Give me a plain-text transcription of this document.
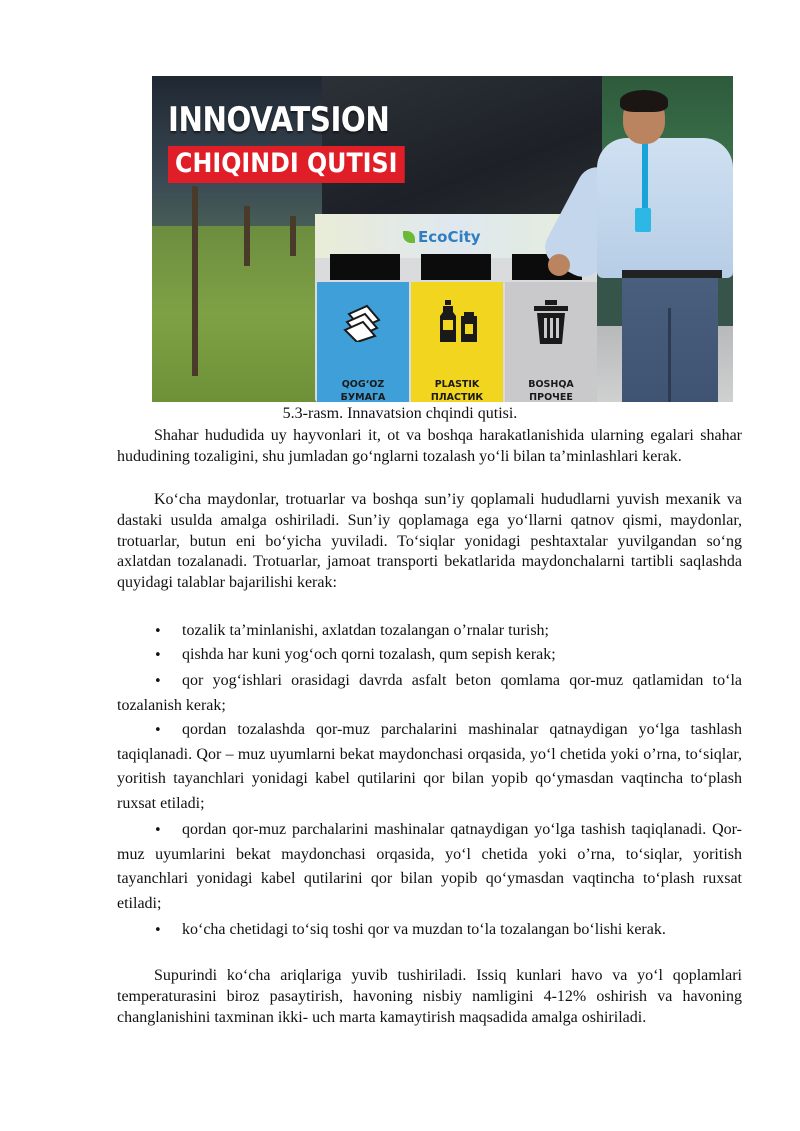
INNOVATSION
CHIQINDI QUTISI
EcoCity
QOG‘OZ
БУМАГА
PLASTIK
ПЛАСТИК
BOSHQA
ПРОЧЕЕ
5.3-rasm. Innavatsion chqindi qutisi.

Shahar hududida uy hayvonlari it, ot va boshqa harakatlanishida ularning egalari shahar hududining tozaligini, shu jumladan go‘nglarni tozalash yo‘li bilan ta’minlashlari kerak.

Ko‘cha maydonlar, trotuarlar va boshqa sun’iy qoplamali hududlarni yuvish mexanik va dastaki usulda amalga oshiriladi. Sun’iy qoplamaga ega yo‘llarni qatnov qismi, maydonlar, trotuarlar, butun eni bo‘yicha yuviladi. To‘siqlar yonidagi peshtaxtalar yuvilgandan so‘ng axlatdan tozalanadi. Trotuarlar, jamoat transporti bekatlarida maydonchalarni tartibli saqlashda quyidagi talablar bajarilishi kerak:

• tozalik ta’minlanishi, axlatdan tozalangan o’rnalar turish;

• qishda har kuni yog‘och qorni tozalash, qum sepish kerak;

• qor yog‘ishlari orasidagi davrda asfalt beton qomlama qor-muz qatlamidan to‘la tozalanish kerak;

• qordan tozalashda qor-muz parchalarini mashinalar qatnaydigan yo‘lga tashlash taqiqlanadi. Qor – muz uyumlarni bekat maydonchasi orqasida, yo‘l chetida yoki o’rna, to‘siqlar, yoritish tayanchlari yonidagi kabel qutilarini qor bilan yopib qo‘ymasdan vaqtincha to‘plash ruxsat etiladi;

• qordan qor-muz parchalarini mashinalar qatnaydigan yo‘lga tashish taqiqlanadi. Qor-muz uyumlarini bekat maydonchasi orqasida, yo‘l chetida yoki o’rna, to‘siqlar, yoritish tayanchlari yonidagi kabel qutilarini qor bilan yopib qo‘ymasdan vaqtincha to‘plash ruxsat etiladi;

• ko‘cha chetidagi to‘siq toshi qor va muzdan to‘la tozalangan bo‘lishi kerak.

Supurindi ko‘cha ariqlariga yuvib tushiriladi. Issiq kunlari havo va yo‘l qoplamlari temperaturasini biroz pasaytirish, havoning nisbiy namligini 4-12% oshirish va havoning changlanishini taxminan ikki- uch marta kamaytirish maqsadida amalga oshiriladi.
